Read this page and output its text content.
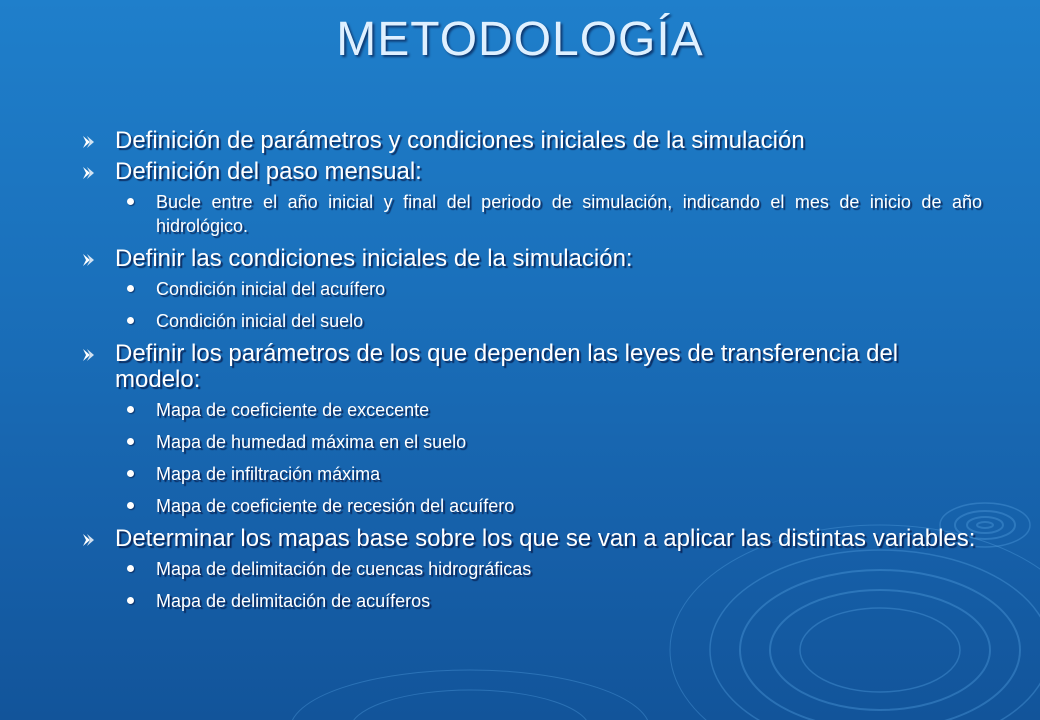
METODOLOGÍA
Definición de parámetros y condiciones iniciales de la simulación
Definición del paso mensual:
Bucle entre el año inicial y final del periodo de simulación, indicando el mes de inicio de año hidrológico.
Definir las condiciones iniciales de la simulación:
Condición inicial del acuífero
Condición inicial del suelo
Definir los parámetros de los que dependen las leyes de transferencia del modelo:
Mapa de coeficiente de excecente
Mapa de humedad máxima en el suelo
Mapa de infiltración máxima
Mapa de coeficiente de recesión del acuífero
Determinar los mapas base sobre los que se van a aplicar las distintas variables:
Mapa de delimitación de cuencas hidrográficas
Mapa de delimitación de acuíferos
